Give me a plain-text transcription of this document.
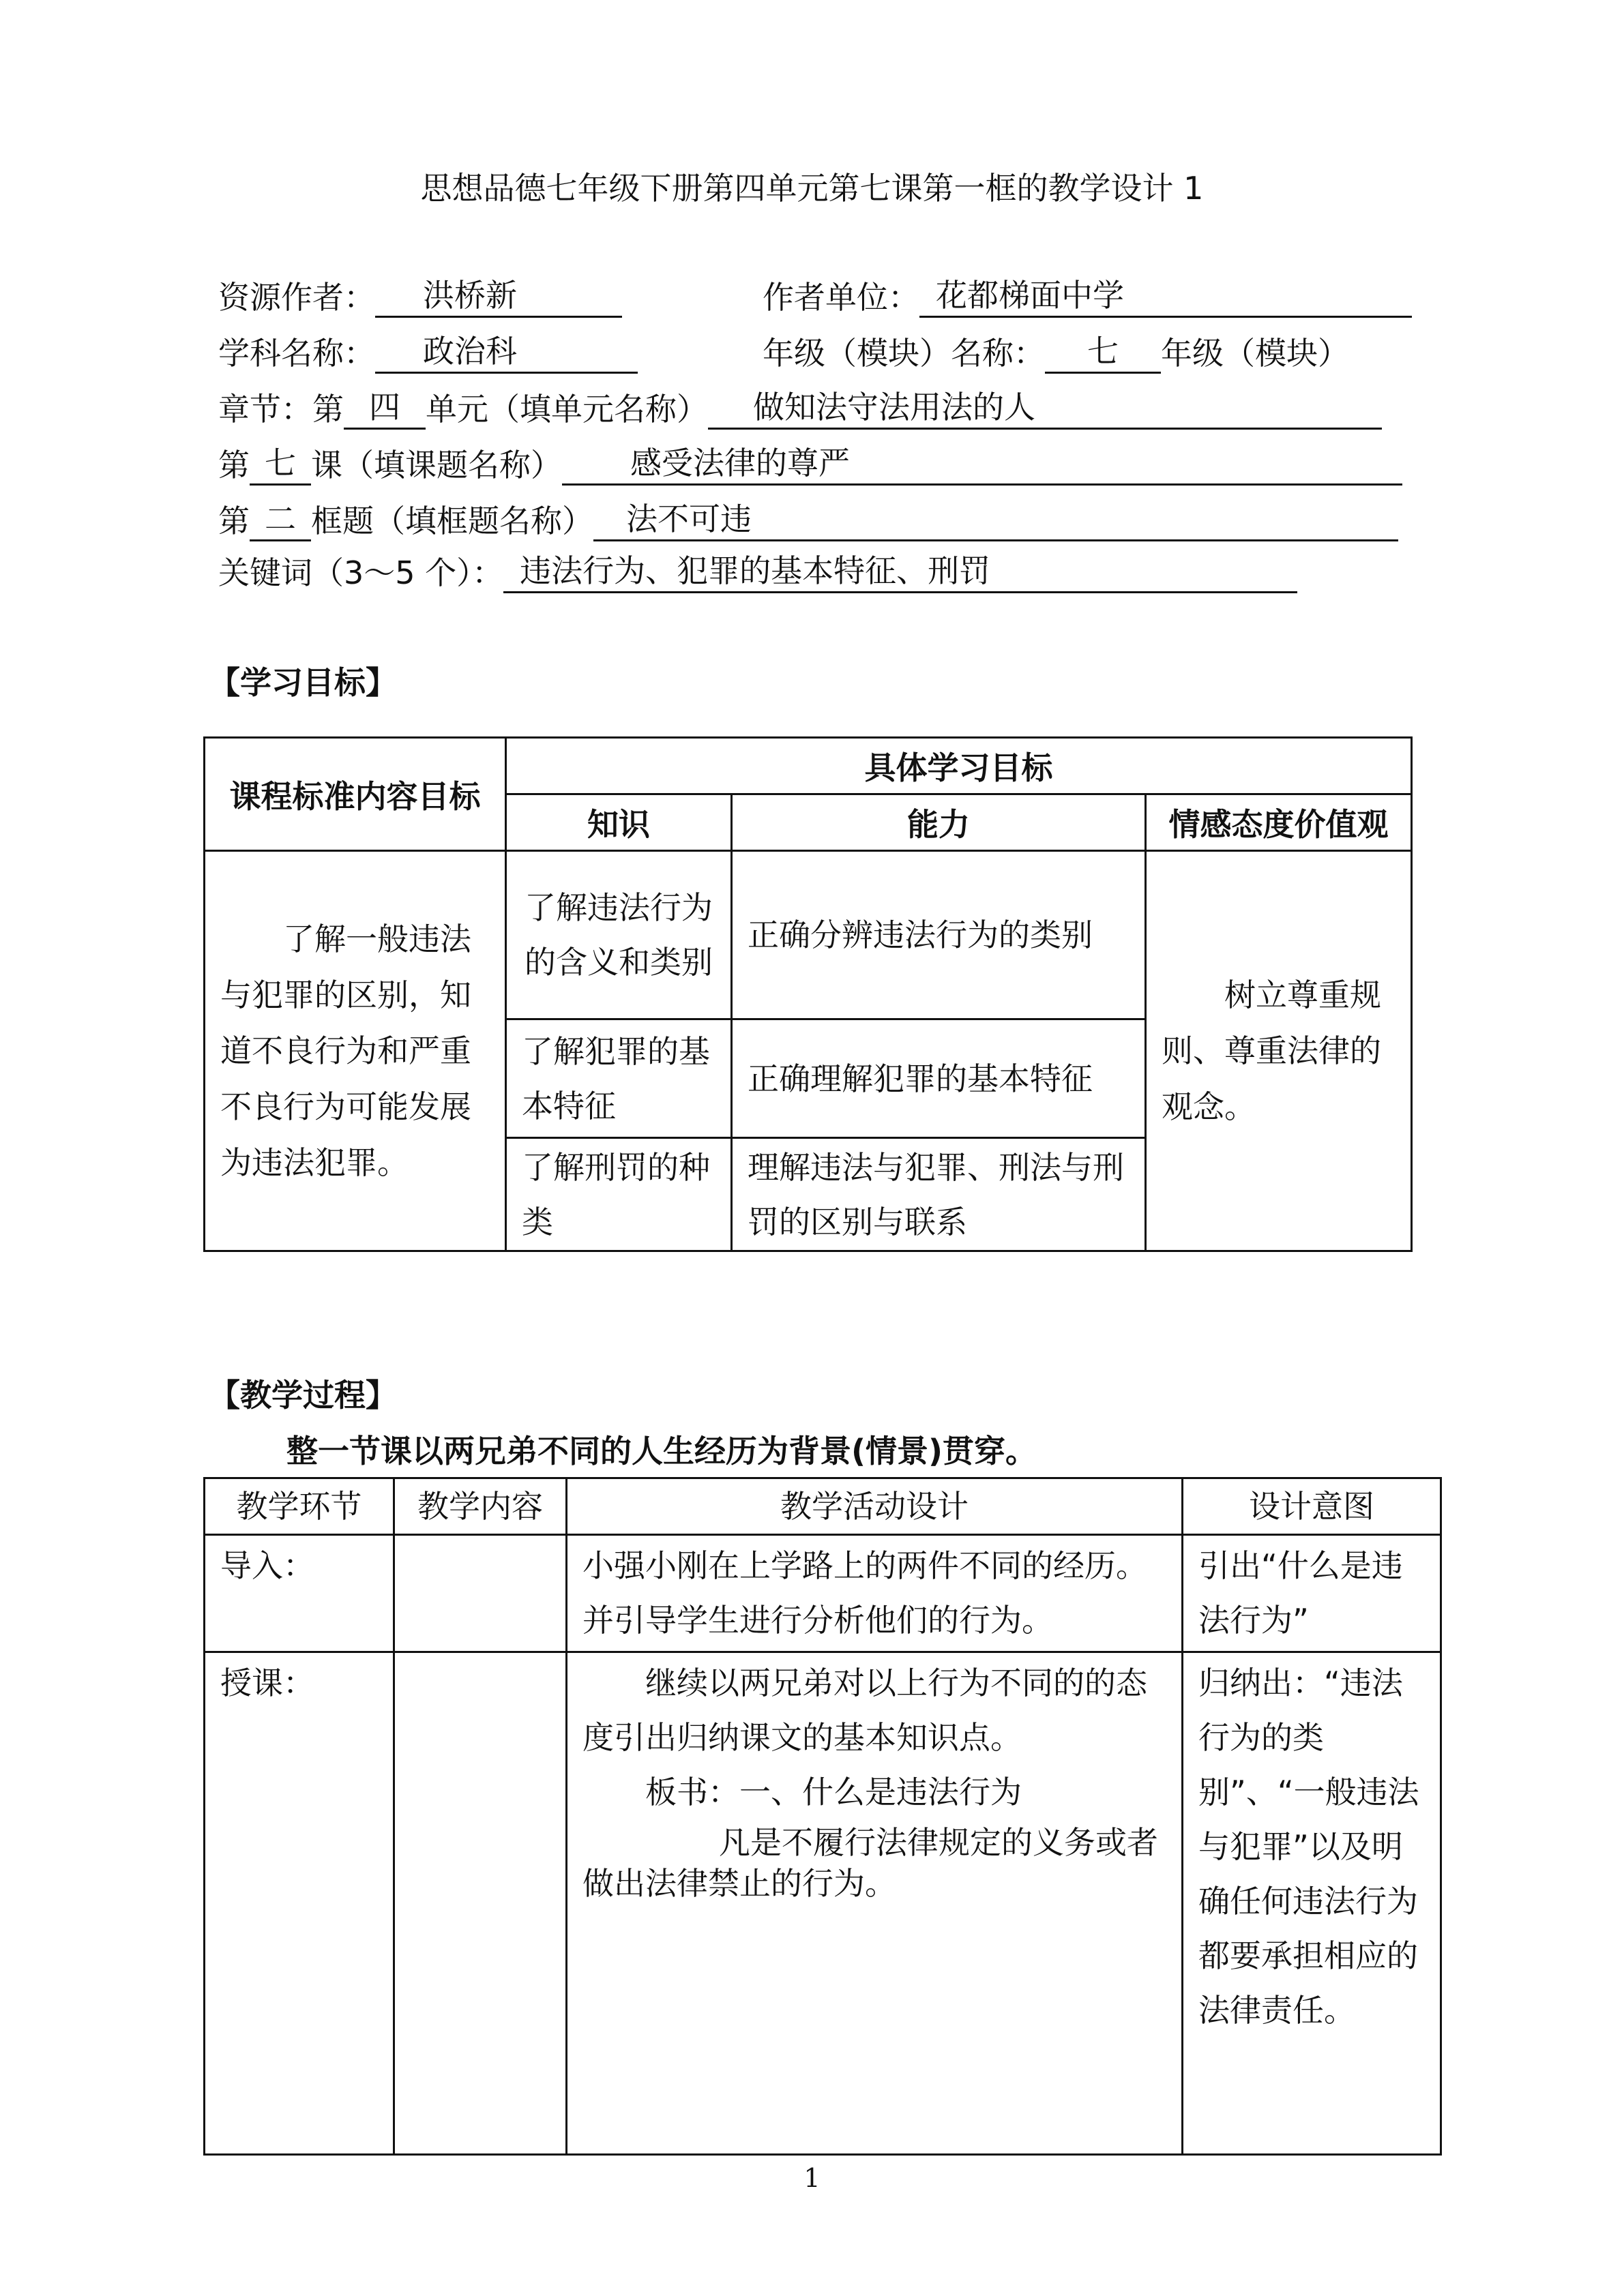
思想品德七年级下册第四单元第七课第一框的教学设计 1
资源作者： 洪桥新	作者单位： 花都梯面中学
学科名称： 政治科	年级（模块）名称： 七 年级（模块）
章节：第 四 单元（填单元名称） 做知法守法用法的人
第 七 课（填课题名称） 感受法律的尊严
第 二 框题（填框题名称） 法不可违
关键词（3～5 个）： 违法行为、犯罪的基本特征、刑罚
【学习目标】
课程标准内容目标	具体学习目标		
	知识	能力	情感态度价值观
了解一般违法与犯罪的区别，知道不良行为和严重不良行为可能发展为违法犯罪。	了解违法行为的含义和类别	正确分辨违法行为的类别	树立尊重规则、尊重法律的观念。
	了解犯罪的基本特征	正确理解犯罪的基本特征	
	了解刑罚的种类	理解违法与犯罪、刑法与刑罚的区别与联系	
【教学过程】
整一节课以两兄弟不同的人生经历为背景(情景)贯穿。
教学环节	教学内容	教学活动设计	设计意图
导入：		小强小刚在上学路上的两件不同的经历。并引导学生进行分析他们的行为。	引出“什么是违法行为”
授课：		继续以两兄弟对以上行为不同的的态度引出归纳课文的基本知识点。
板书：一、什么是违法行为
凡是不履行法律规定的义务或者做出法律禁止的行为。	归纳出：“违法行为的类别”、“一般违法与犯罪”以及明确任何违法行为都要承担相应的法律责任。
1
